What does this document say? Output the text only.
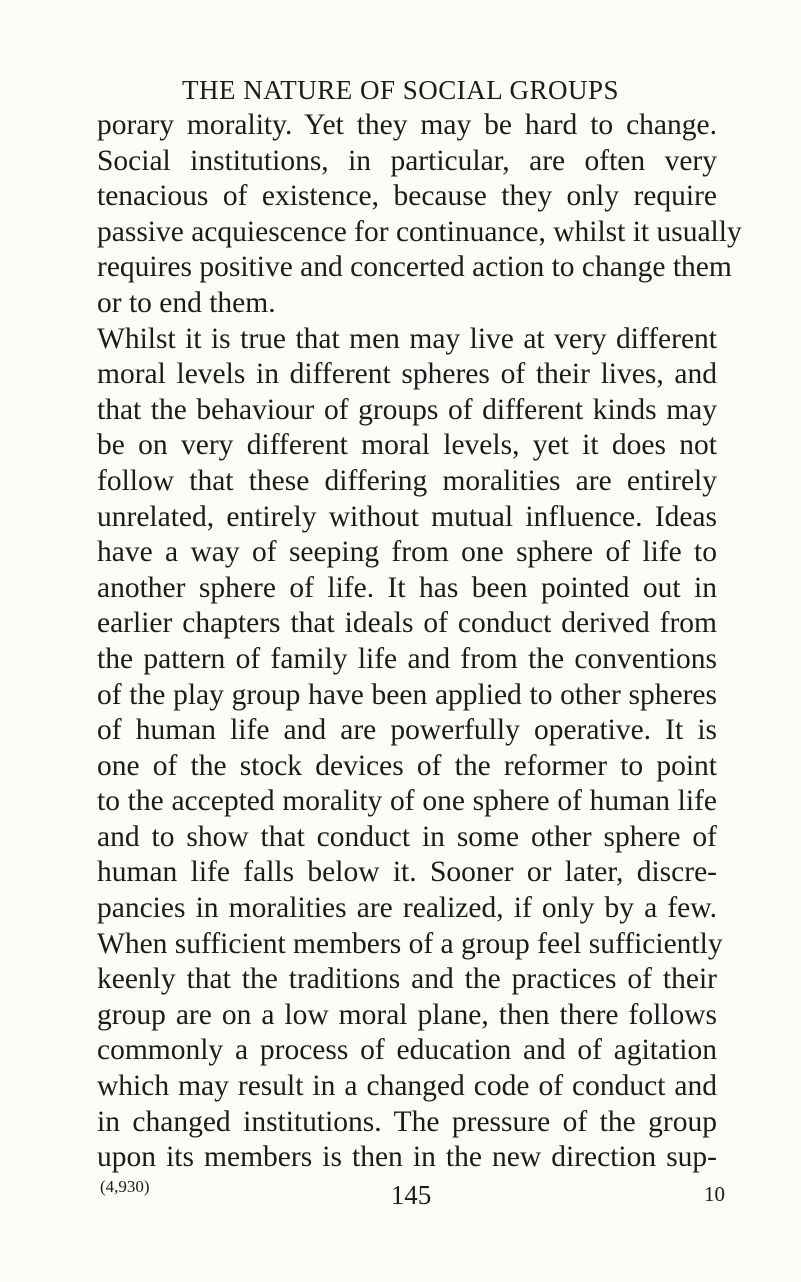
THE NATURE OF SOCIAL GROUPS
porary morality. Yet they may be hard to change.
Social institutions, in particular, are often very
tenacious of existence, because they only require
passive acquiescence for continuance, whilst it usually
requires positive and concerted action to change them
or to end them.
Whilst it is true that men may live at very different
moral levels in different spheres of their lives, and
that the behaviour of groups of different kinds may
be on very different moral levels, yet it does not
follow that these differing moralities are entirely
unrelated, entirely without mutual influence. Ideas
have a way of seeping from one sphere of life to
another sphere of life. It has been pointed out in
earlier chapters that ideals of conduct derived from
the pattern of family life and from the conventions
of the play group have been applied to other spheres
of human life and are powerfully operative. It is
one of the stock devices of the reformer to point
to the accepted morality of one sphere of human life
and to show that conduct in some other sphere of
human life falls below it. Sooner or later, discre-
pancies in moralities are realized, if only by a few.
When sufficient members of a group feel sufficiently
keenly that the traditions and the practices of their
group are on a low moral plane, then there follows
commonly a process of education and of agitation
which may result in a changed code of conduct and
in changed institutions. The pressure of the group
upon its members is then in the new direction sup-
(4,930)	145	10
